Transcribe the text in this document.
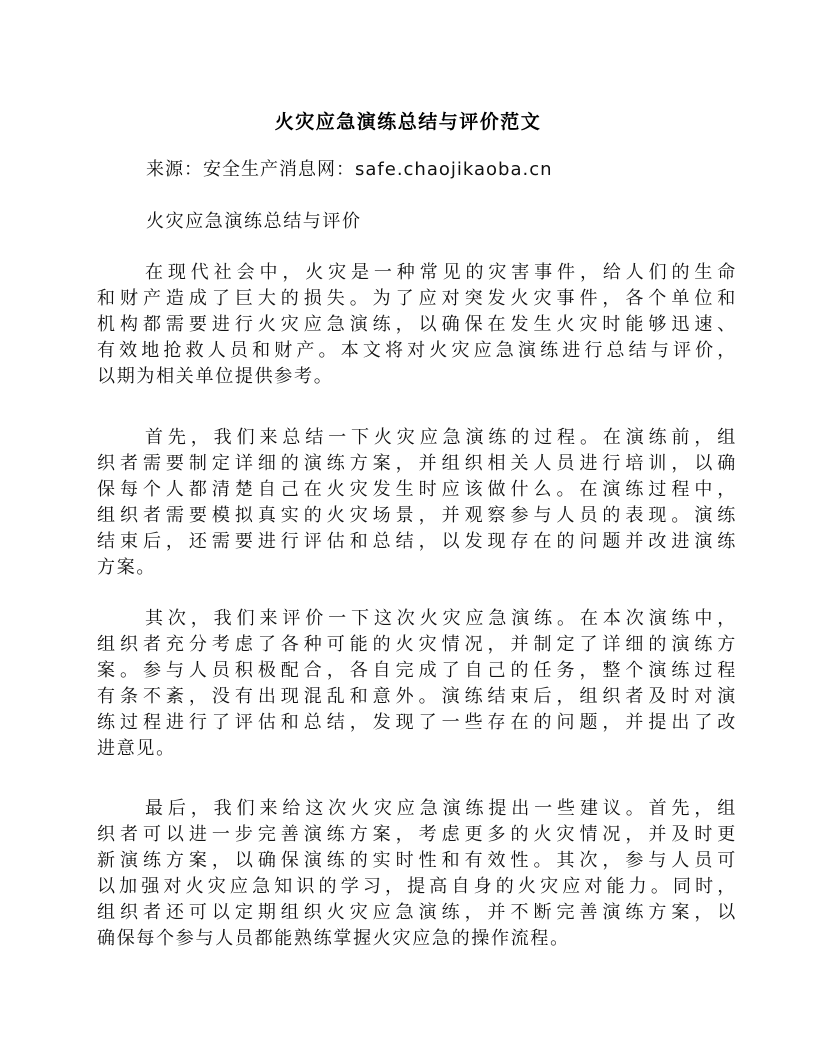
火灾应急演练总结与评价范文
来源：安全生产消息网：safe.chaojikaoba.cn
火灾应急演练总结与评价
在现代社会中，火灾是一种常见的灾害事件，给人们的生命
和财产造成了巨大的损失。为了应对突发火灾事件，各个单位和
机构都需要进行火灾应急演练，以确保在发生火灾时能够迅速、
有效地抢救人员和财产。本文将对火灾应急演练进行总结与评价，
以期为相关单位提供参考。
首先，我们来总结一下火灾应急演练的过程。在演练前，组
织者需要制定详细的演练方案，并组织相关人员进行培训，以确
保每个人都清楚自己在火灾发生时应该做什么。在演练过程中，
组织者需要模拟真实的火灾场景，并观察参与人员的表现。演练
结束后，还需要进行评估和总结，以发现存在的问题并改进演练
方案。
其次，我们来评价一下这次火灾应急演练。在本次演练中，
组织者充分考虑了各种可能的火灾情况，并制定了详细的演练方
案。参与人员积极配合，各自完成了自己的任务，整个演练过程
有条不紊，没有出现混乱和意外。演练结束后，组织者及时对演
练过程进行了评估和总结，发现了一些存在的问题，并提出了改
进意见。
最后，我们来给这次火灾应急演练提出一些建议。首先，组
织者可以进一步完善演练方案，考虑更多的火灾情况，并及时更
新演练方案，以确保演练的实时性和有效性。其次，参与人员可
以加强对火灾应急知识的学习，提高自身的火灾应对能力。同时，
组织者还可以定期组织火灾应急演练，并不断完善演练方案，以
确保每个参与人员都能熟练掌握火灾应急的操作流程。
